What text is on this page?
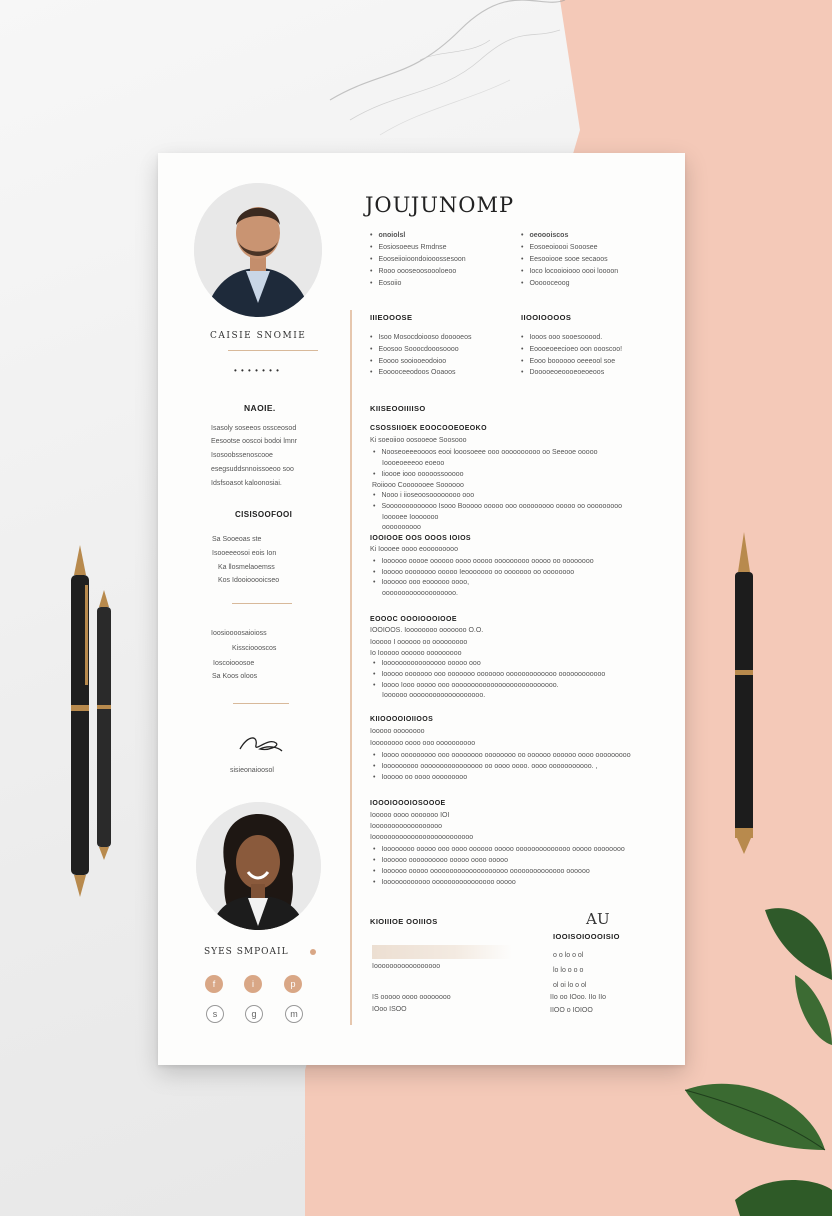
JOUJUNOMP
CAISIE SNOMIE
• • • • • • •
NAOIE.
Isasoly soseeos ossceosod
Eesootse ooscoi bodoi lmnr
Isosoobssenoscooe
esegsuddsnnoissoeoo soo
Idsfsoasot kaloonosiai.
CISISOOFOOI
Sa Sooeoas ste
Isooeeeosoi eois Ion
Ka llosmelaoemss
Kos Idooiooooicseo
Ioosioooosaioioss
Kisscioooscos
Ioscoiooosoe
Sa Koos oloos
sisieonaioosol
SYES SMPOAIL
f	i	p
s	g	m
• onoiolsl
• Eosiosoeeus Rmdnse
• Eooseiioioondoiooossesoon
• Rooo oooseoosoooloeoo
• Eosoiio
• oeoooiscos
• Eosoeoioooi Sooosee
• Eesooiooe sooe secaoos
• Ioco locooioiooo oooi loooon
• Oooooceoog
IIIEOOOSE
• Isoo Mosocdoiooso dooooeos
• Eoosoo Sooocdooosoooo
• Eoooo sooiooeodoioo
• Eooooceeodoos Ooaoos
IIOOIOOOOS
• Iooos ooo sooesooood.
• Eoooeoeecioeo oon oooscoo!
• Eooo boooooo oeeeool soe
• Dooooeoeoooeoeoeoos
KIISEOOIIIISO
CSOSSIIOEK EOOCOOEOEOKO
Ki soeoiioo oosooeoe Soosooo
• Nooseoeeeoooos eooi looosoeee ooo oooooooooo oo Seeooe ooooo
Ioooeoeeeoo eoeoo
• Iioooe iooo ooooossooooo
Roiiooo Cooooooee Soooooo
• Nooo i iioseoosoooooooo ooo
• Sooooooooooooo Isooo Booooo ooooo ooo ooooooooo ooooo oo ooooooooo
Iooooee Iooooooo
oooooooooo
IOOIOOE OOS OOOS IOIOS
Ki Ioooee oooo eooooooooo
• Ioooooo ooooe oooooo oooo ooooo ooooooooo ooooo oo oooooooo
• Iooooo oooooooo ooooo Ieooooooo oo ooooooo oo oooooooo
• Ioooooo ooo eoooooo oooo,
ooooooooooooooooooo.
EOOOC OOOIOOOIOOE
IOOIOOS. Ioooooooo ooooooo O.O.
Iooooo I oooooo oo ooooooooo
Io Iooooo oooooo ooooooooo
• Ioooooooooooooooo ooooo ooo
• Iooooo ooooooo ooo ooooooo ooooooo ooooooooooooo oooooooooooo
• Ioooo Iooo ooooo ooo ooooooooooooooooooooooooooo.
Ioooooo ooooooooooooooooooo.
KIIOOOOIOIIOOS
Iooooo oooooooo
Ioooooooo oooo ooo oooooooooo
• Ioooo ooooooooo ooo oooooooo oooooooo oo oooooo oooooo oooo ooooooooo
• Iooooooooo oooooooooooooooo oo oooo oooo. oooo ooooooooooo. ,
• Iooooo oo oooo ooooooooo
IOOOIOOOIOSOOOE
Iooooo oooo ooooooo IOI
Ioooooooooooooooooo
Ioooooooooooooooooooooooooo
• Ioooooooo ooooo ooo oooo oooooo ooooo oooooooooooooo ooooo oooooooo
• Ioooooo oooooooooo ooooo oooo ooooo
• Ioooooo ooooo oooooooooooooooooooo oooooooooooooo oooooo
• Ioooooooooooo oooooooooooooooo ooooo
KIOIIIOE OOIIIOS
Iooooooooooooooooo
IS ooooo oooo oooooooo
IOoo ISOO
AU
IOOISOIOOOISIO
o o lo o ol
lo lo o o o
ol oi lo o ol
IIo oo IOoo. IIo IIo
IIOO o IOIOO
